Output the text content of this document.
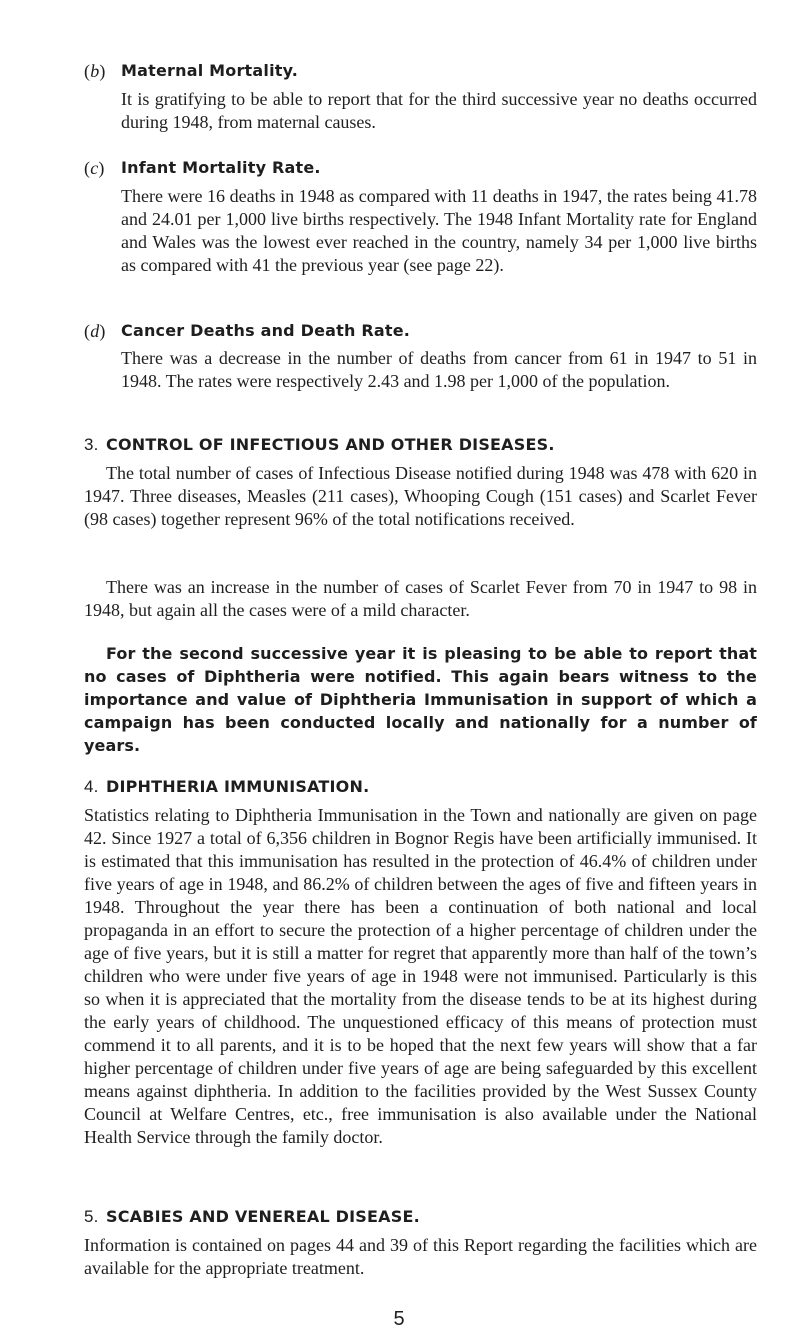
(b) Maternal Mortality.
It is gratifying to be able to report that for the third successive year no deaths occurred during 1948, from maternal causes.
(c)	Infant Mortality Rate.
There were 16 deaths in 1948 as compared with 11 deaths in 1947, the rates being 41.78 and 24.01 per 1,000 live births respectively. The 1948 Infant Mortality rate for England and Wales was the lowest ever reached in the country, namely 34 per 1,000 live births as compared with 41 the previous year (see page 22).
(d) Cancer Deaths and Death Rate.
There was a decrease in the number of deaths from cancer from 61 in 1947 to 51 in 1948. The rates were respectively 2.43 and 1.98 per 1,000 of the population.
3. CONTROL OF INFECTIOUS AND OTHER DISEASES.
The total number of cases of Infectious Disease notified during 1948 was 478 with 620 in 1947. Three diseases, Measles (211 cases), Whooping Cough (151 cases) and Scarlet Fever (98 cases) together represent 96% of the total notifications received.
There was an increase in the number of cases of Scarlet Fever from 70 in 1947 to 98 in 1948, but again all the cases were of a mild character.
For the second successive year it is pleasing to be able to report that no cases of Diphtheria were notified. This again bears witness to the importance and value of Diphtheria Immunisation in support of which a campaign has been conducted locally and nationally for a number of years.
4. DIPHTHERIA IMMUNISATION.
Statistics relating to Diphtheria Immunisation in the Town and nationally are given on page 42. Since 1927 a total of 6,356 children in Bognor Regis have been artificially immunised. It is estimated that this immunisation has resulted in the protection of 46.4% of children under five years of age in 1948, and 86.2% of children between the ages of five and fifteen years in 1948. Throughout the year there has been a continuation of both national and local propaganda in an effort to secure the protection of a higher percentage of children under the age of five years, but it is still a matter for regret that apparently more than half of the town’s children who were under five years of age in 1948 were not immunised. Particularly is this so when it is appreciated that the mortality from the disease tends to be at its highest during the early years of childhood. The unquestioned efficacy of this means of protection must commend it to all parents, and it is to be hoped that the next few years will show that a far higher percentage of children under five years of age are being safeguarded by this excellent means against diphtheria. In addition to the facilities provided by the West Sussex County Council at Welfare Centres, etc., free immunisation is also available under the National Health Service through the family doctor.
5. SCABIES AND VENEREAL DISEASE.
Information is contained on pages 44 and 39 of this Report regarding the facilities which are available for the appropriate treatment.
5
